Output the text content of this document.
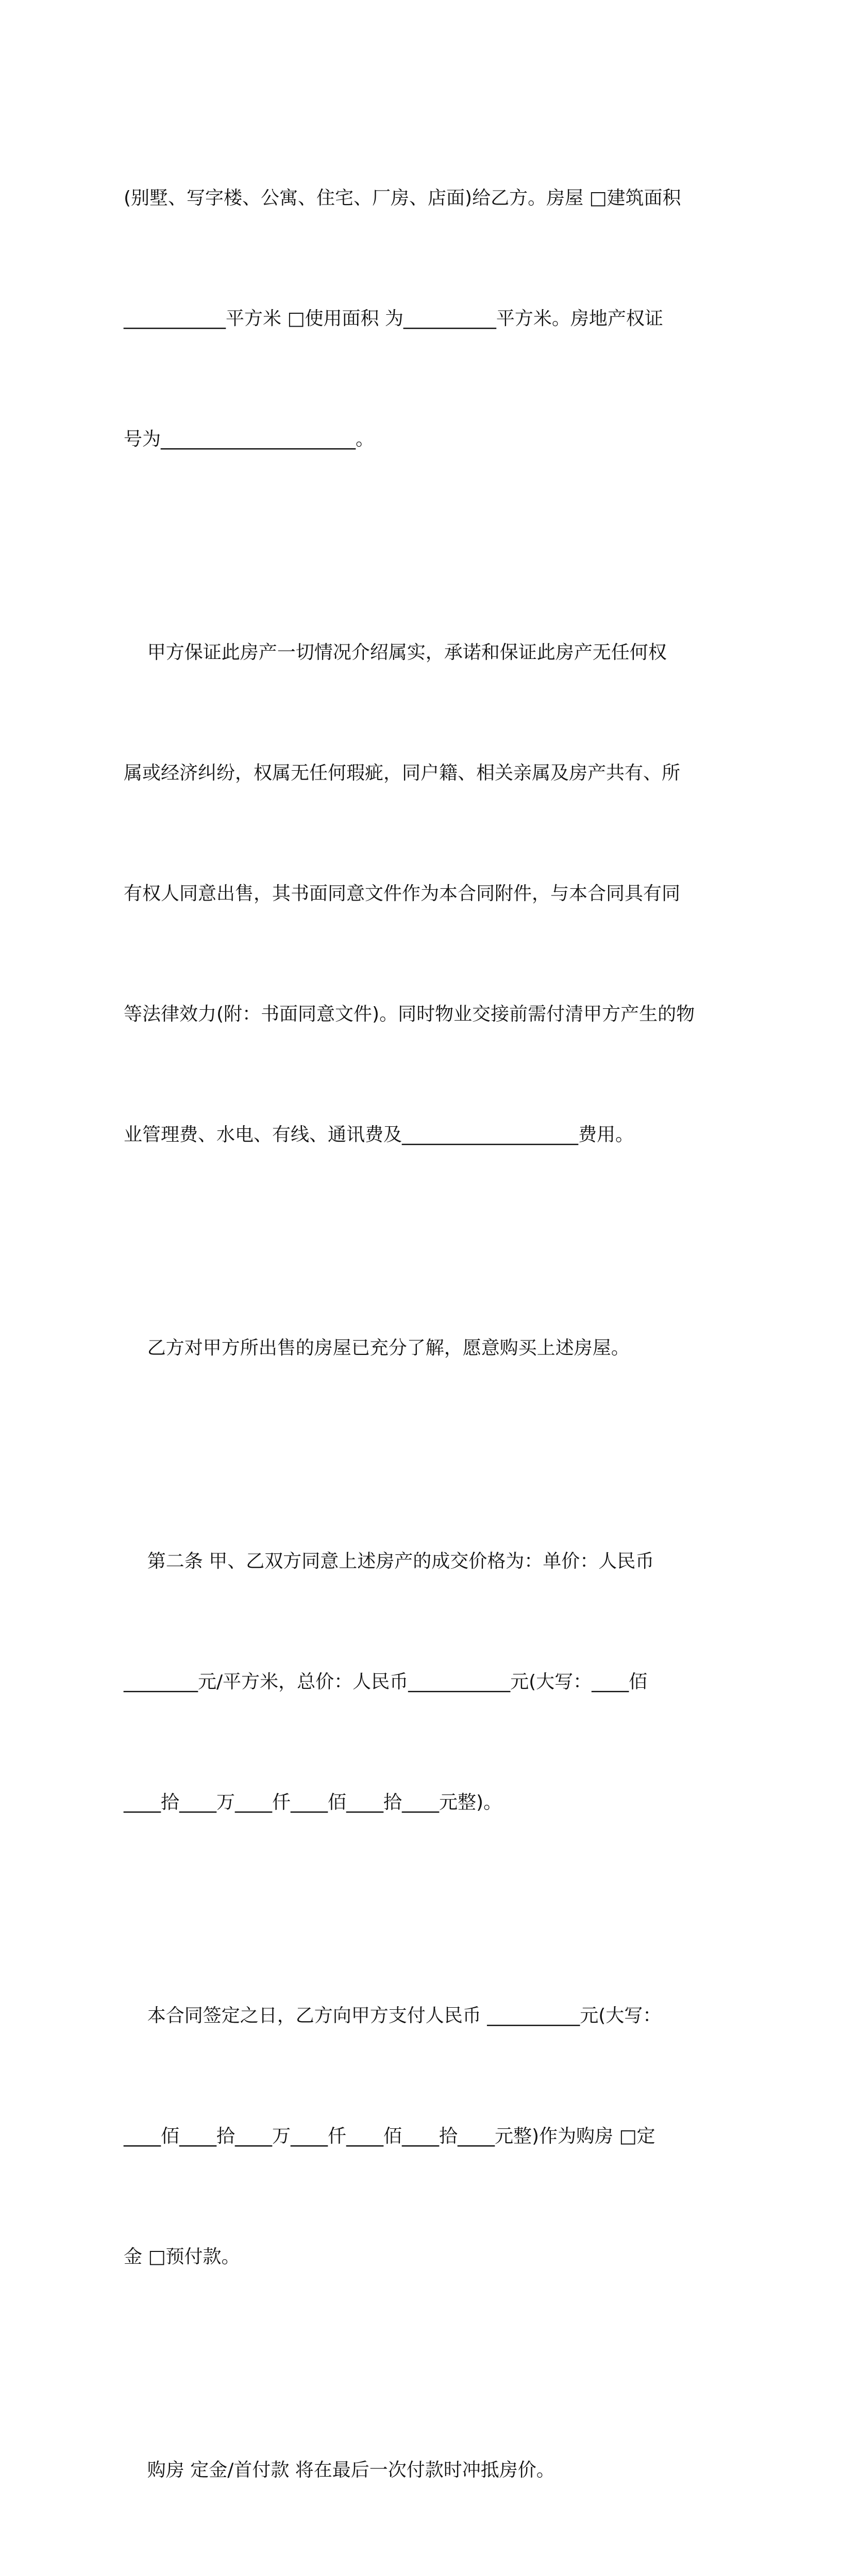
(别墅、写字楼、公寓、住宅、厂房、店面)给乙方。房屋 □建筑面积

___________平方米 □使用面积 为__________平方米。房地产权证

号为_____________________。

甲方保证此房产一切情况介绍属实，承诺和保证此房产无任何权

属或经济纠纷，权属无任何瑕疵，同户籍、相关亲属及房产共有、所

有权人同意出售，其书面同意文件作为本合同附件，与本合同具有同

等法律效力(附：书面同意文件)。同时物业交接前需付清甲方产生的物

业管理费、水电、有线、通讯费及___________________费用。

乙方对甲方所出售的房屋已充分了解，愿意购买上述房屋。

第二条 甲、乙双方同意上述房产的成交价格为：单价：人民币

________元/平方米，总价：人民币___________元(大写：____佰

____拾____万____仟____佰____拾____元整)。

本合同签定之日，乙方向甲方支付人民币 __________元(大写：

____佰____拾____万____仟____佰____拾____元整)作为购房 □定

金 □预付款。

购房 定金/首付款 将在最后一次付款时冲抵房价。
